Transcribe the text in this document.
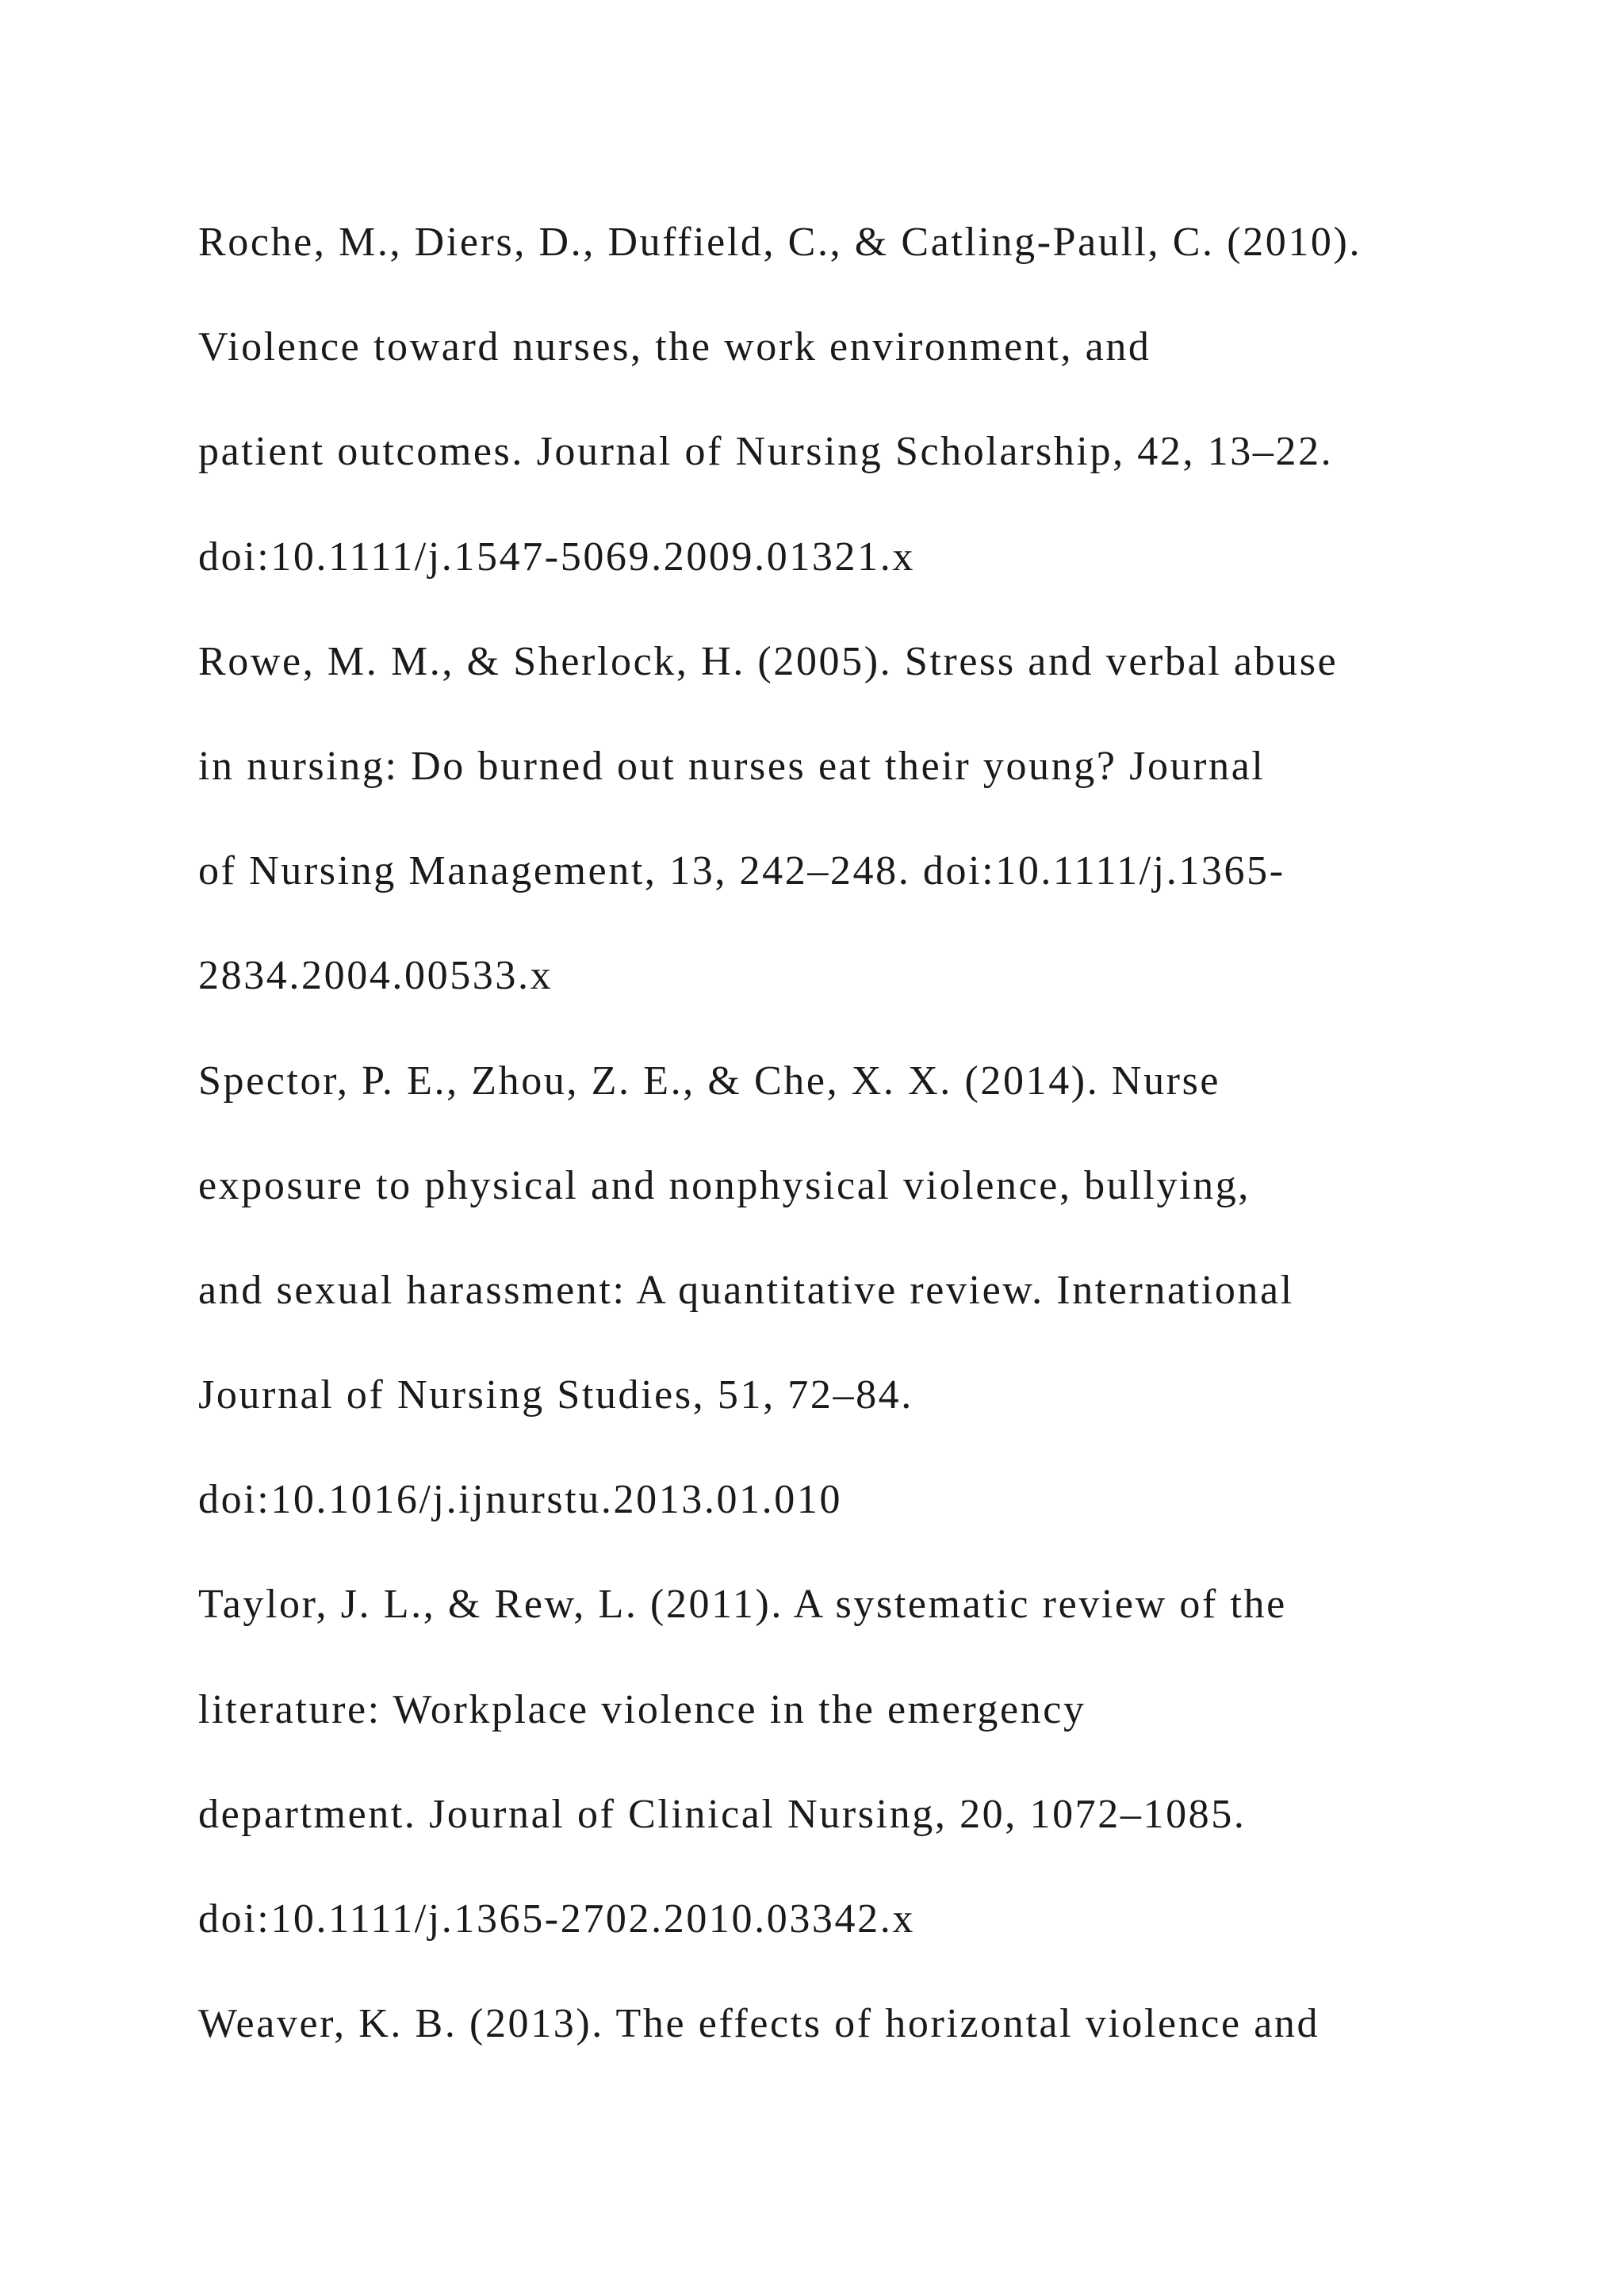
Roche, M., Diers, D., Duffield, C., & Catling-Paull, C. (2010).
Violence toward nurses, the work environment, and
patient outcomes. Journal of Nursing Scholarship, 42, 13–22.
doi:10.1111/j.1547-5069.2009.01321.x
Rowe, M. M., & Sherlock, H. (2005). Stress and verbal abuse
in nursing: Do burned out nurses eat their young? Journal
of Nursing Management, 13, 242–248. doi:10.1111/j.1365-
2834.2004.00533.x
Spector, P. E., Zhou, Z. E., & Che, X. X. (2014). Nurse
exposure to physical and nonphysical violence, bullying,
and sexual harassment: A quantitative review. International
Journal of Nursing Studies, 51, 72–84.
doi:10.1016/j.ijnurstu.2013.01.010
Taylor, J. L., & Rew, L. (2011). A systematic review of the
literature: Workplace violence in the emergency
department. Journal of Clinical Nursing, 20, 1072–1085.
doi:10.1111/j.1365-2702.2010.03342.x
Weaver, K. B. (2013). The effects of horizontal violence and
